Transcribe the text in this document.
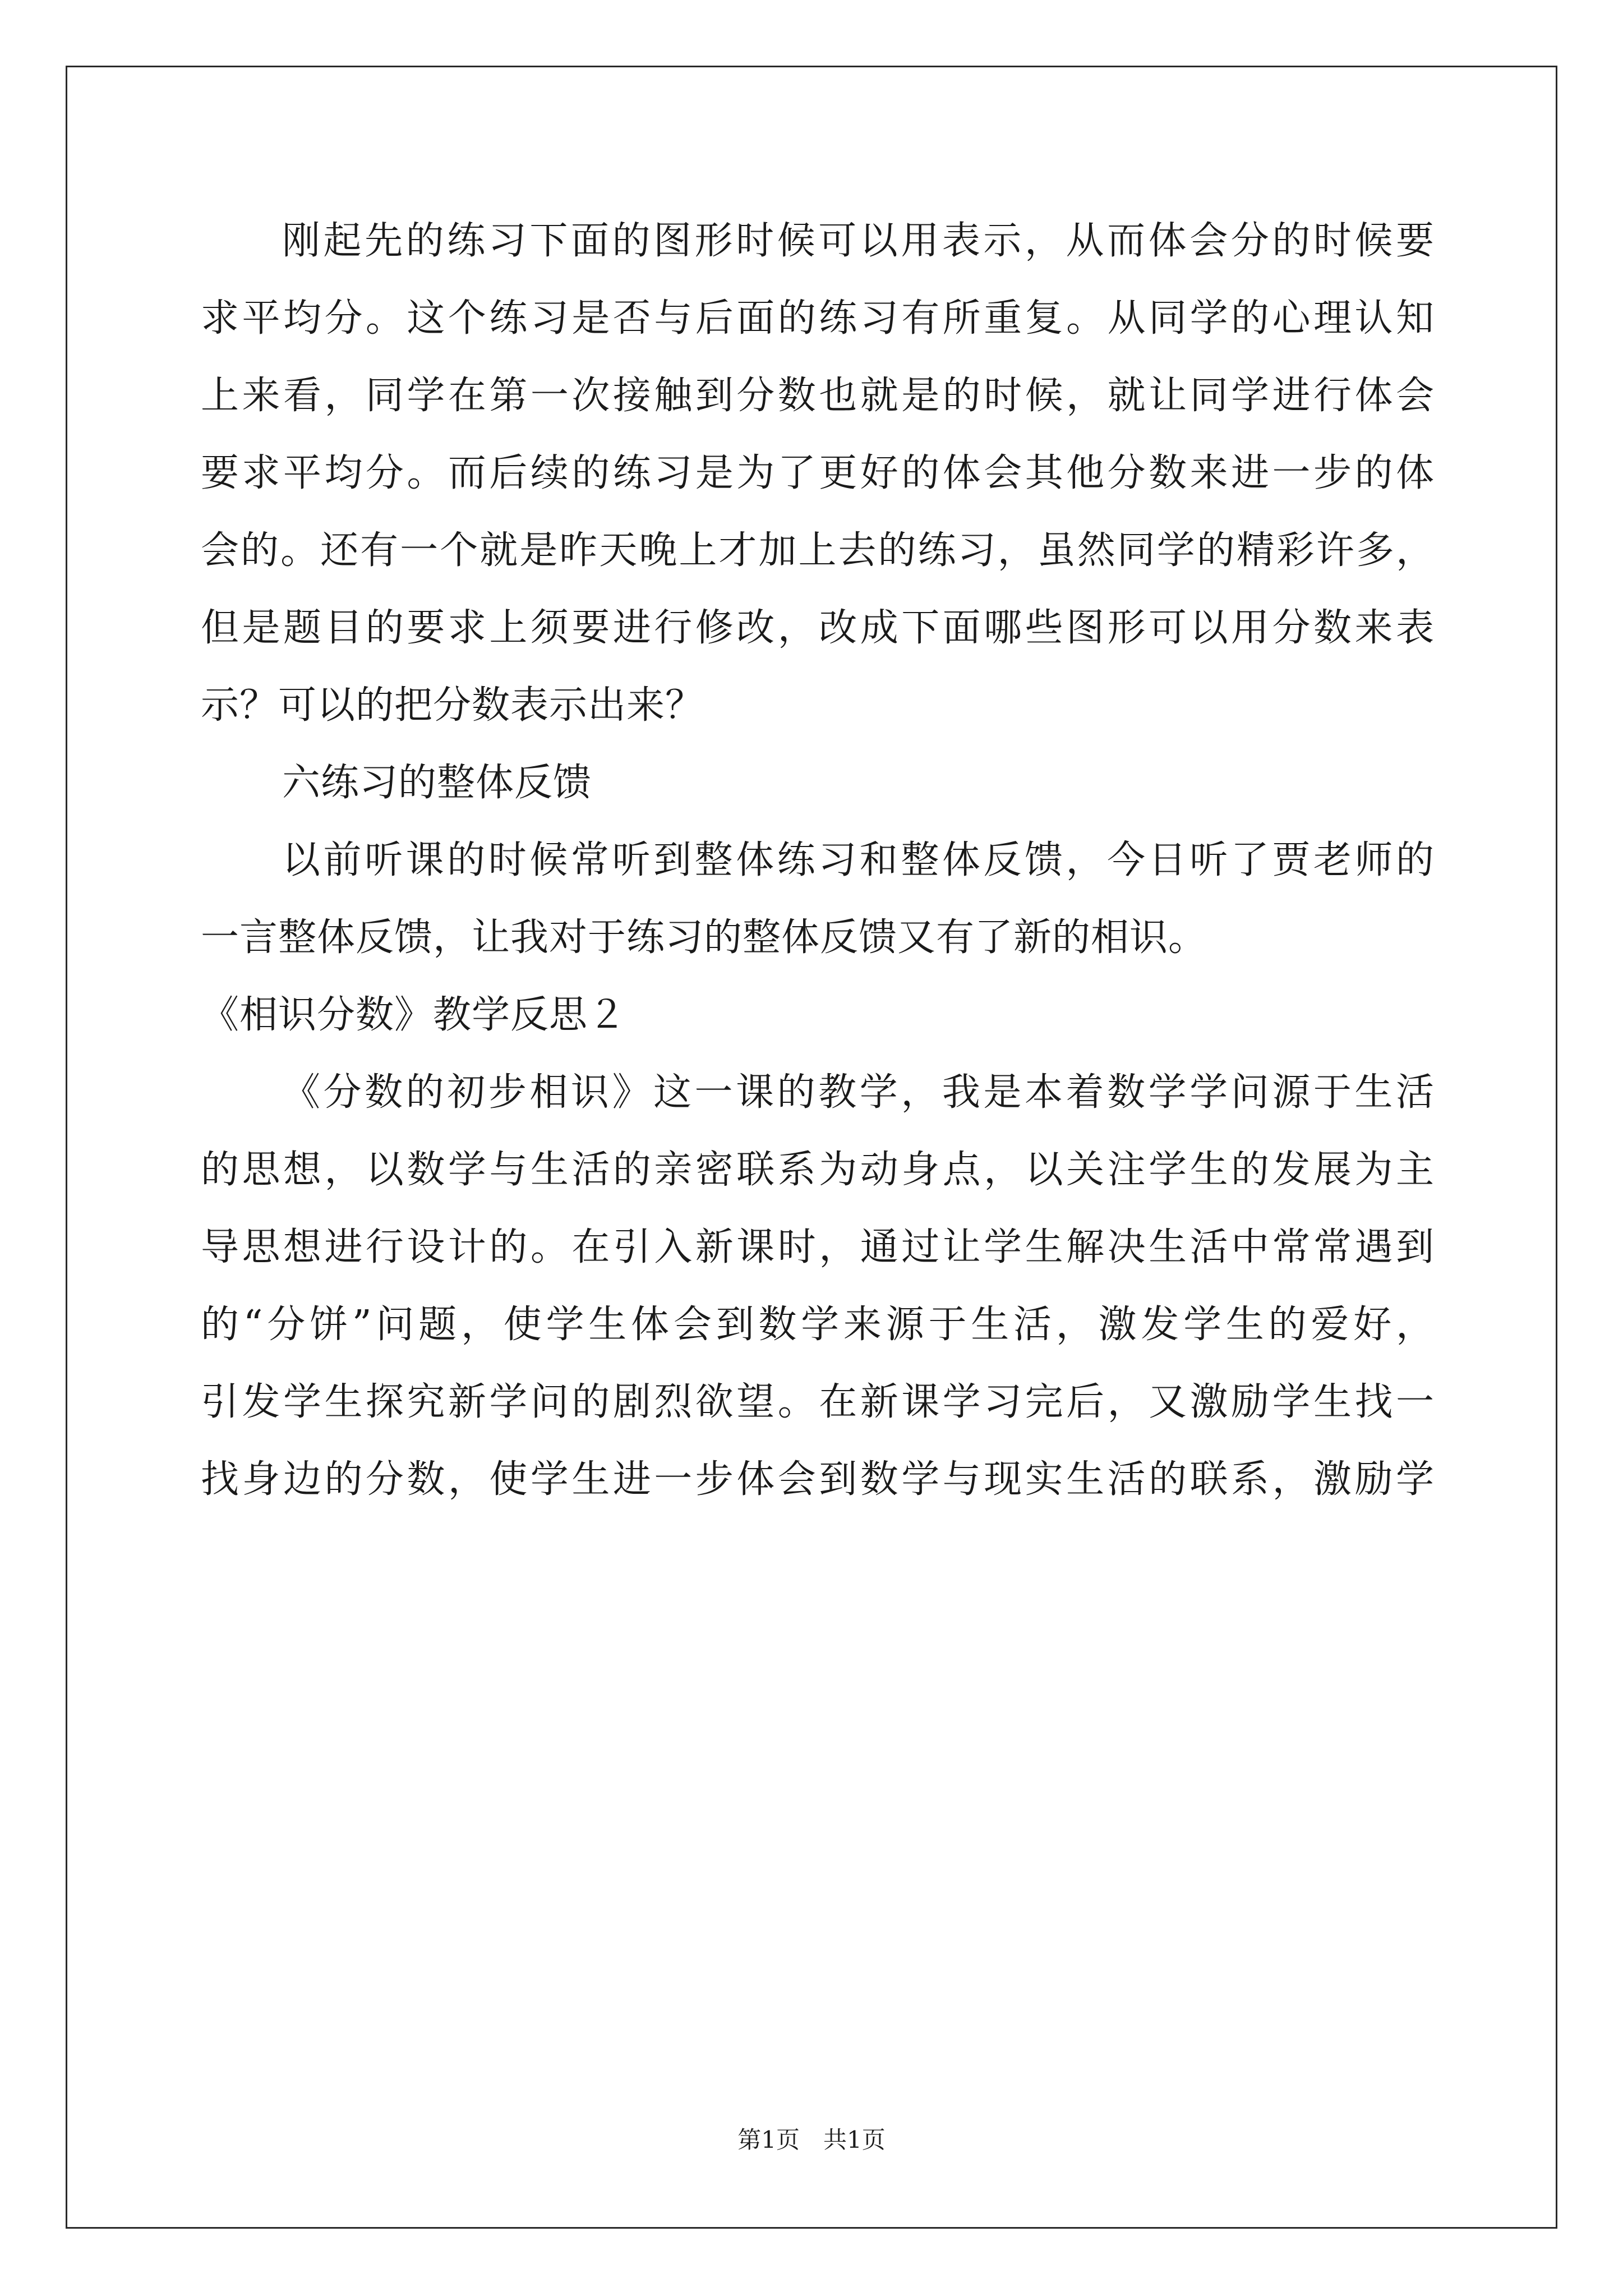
刚起先的练习下面的图形时候可以用表示，从而体会分的时候要
求平均分。这个练习是否与后面的练习有所重复。从同学的心理认知
上来看，同学在第一次接触到分数也就是的时候，就让同学进行体会
要求平均分。而后续的练习是为了更好的体会其他分数来进一步的体
会的。还有一个就是昨天晚上才加上去的练习，虽然同学的精彩许多，
但是题目的要求上须要进行修改，改成下面哪些图形可以用分数来表
示？可以的把分数表示出来？
六练习的整体反馈
以前听课的时候常听到整体练习和整体反馈，今日听了贾老师的
一言整体反馈，让我对于练习的整体反馈又有了新的相识。
《相识分数》教学反思２
《分数的初步相识》这一课的教学，我是本着数学学问源于生活
的思想，以数学与生活的亲密联系为动身点，以关注学生的发展为主
导思想进行设计的。在引入新课时，通过让学生解决生活中常常遇到
的“分饼”问题，使学生体会到数学来源于生活，激发学生的爱好，
引发学生探究新学问的剧烈欲望。在新课学习完后，又激励学生找一
找身边的分数，使学生进一步体会到数学与现实生活的联系，激励学
第1页　共1页
